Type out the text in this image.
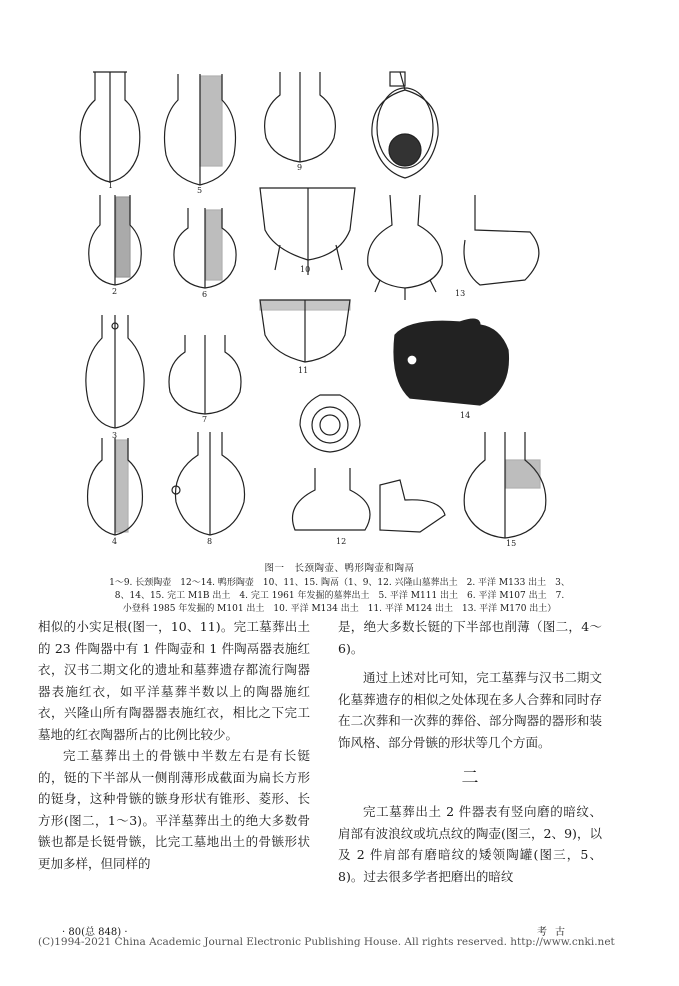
1
5
9
2	6
10
13
3
7
11
14
4	8	12	15
图一　长颈陶壶、鸭形陶壶和陶鬲
1～9. 长颈陶壶　12～14. 鸭形陶壶　10、11、15. 陶鬲（1、9、12. 兴隆山墓葬出土　2. 平洋 M133 出土　3、
8、14、15. 完工 M1B 出土　4. 完工 1961 年发掘的墓葬出土　5. 平洋 M111 出土　6. 平洋 M107 出土　7.
小登科 1985 年发掘的 M101 出土　10. 平洋 M134 出土　11. 平洋 M124 出土　13. 平洋 M170 出土）

相似的小实足根(图一，10、11)。完工墓葬出土的 23 件陶器中有 1 件陶壶和 1 件陶鬲器表施红衣，汉书二期文化的遗址和墓葬遗存都流行陶器器表施红衣，如平洋墓葬半数以上的陶器施红衣，兴隆山所有陶器器表施红衣，相比之下完工墓地的红衣陶器所占的比例比较少。

完工墓葬出土的骨镞中半数左右是有长铤的，铤的下半部从一侧削薄形成截面为扁长方形的铤身，这种骨镞的镞身形状有锥形、菱形、长方形(图二，1～3)。平洋墓葬出土的绝大多数骨镞也都是长铤骨镞，比完工墓地出土的骨镞形状更加多样，但同样的

是，绝大多数长铤的下半部也削薄（图二，4～6)。

通过上述对比可知，完工墓葬与汉书二期文化墓葬遗存的相似之处体现在多人合葬和同时存在二次葬和一次葬的葬俗、部分陶器的器形和装饰风格、部分骨镞的形状等几个方面。

二

完工墓葬出土 2 件器表有竖向磨的暗纹、肩部有波浪纹或坑点纹的陶壶(图三，2、9)，以及 2 件肩部有磨暗纹的矮领陶罐(图三，5、8)。过去很多学者把磨出的暗纹

· 80(总 848) ·	考古
(C)1994-2021 China Academic Journal Electronic Publishing House. All rights reserved. http://www.cnki.net
